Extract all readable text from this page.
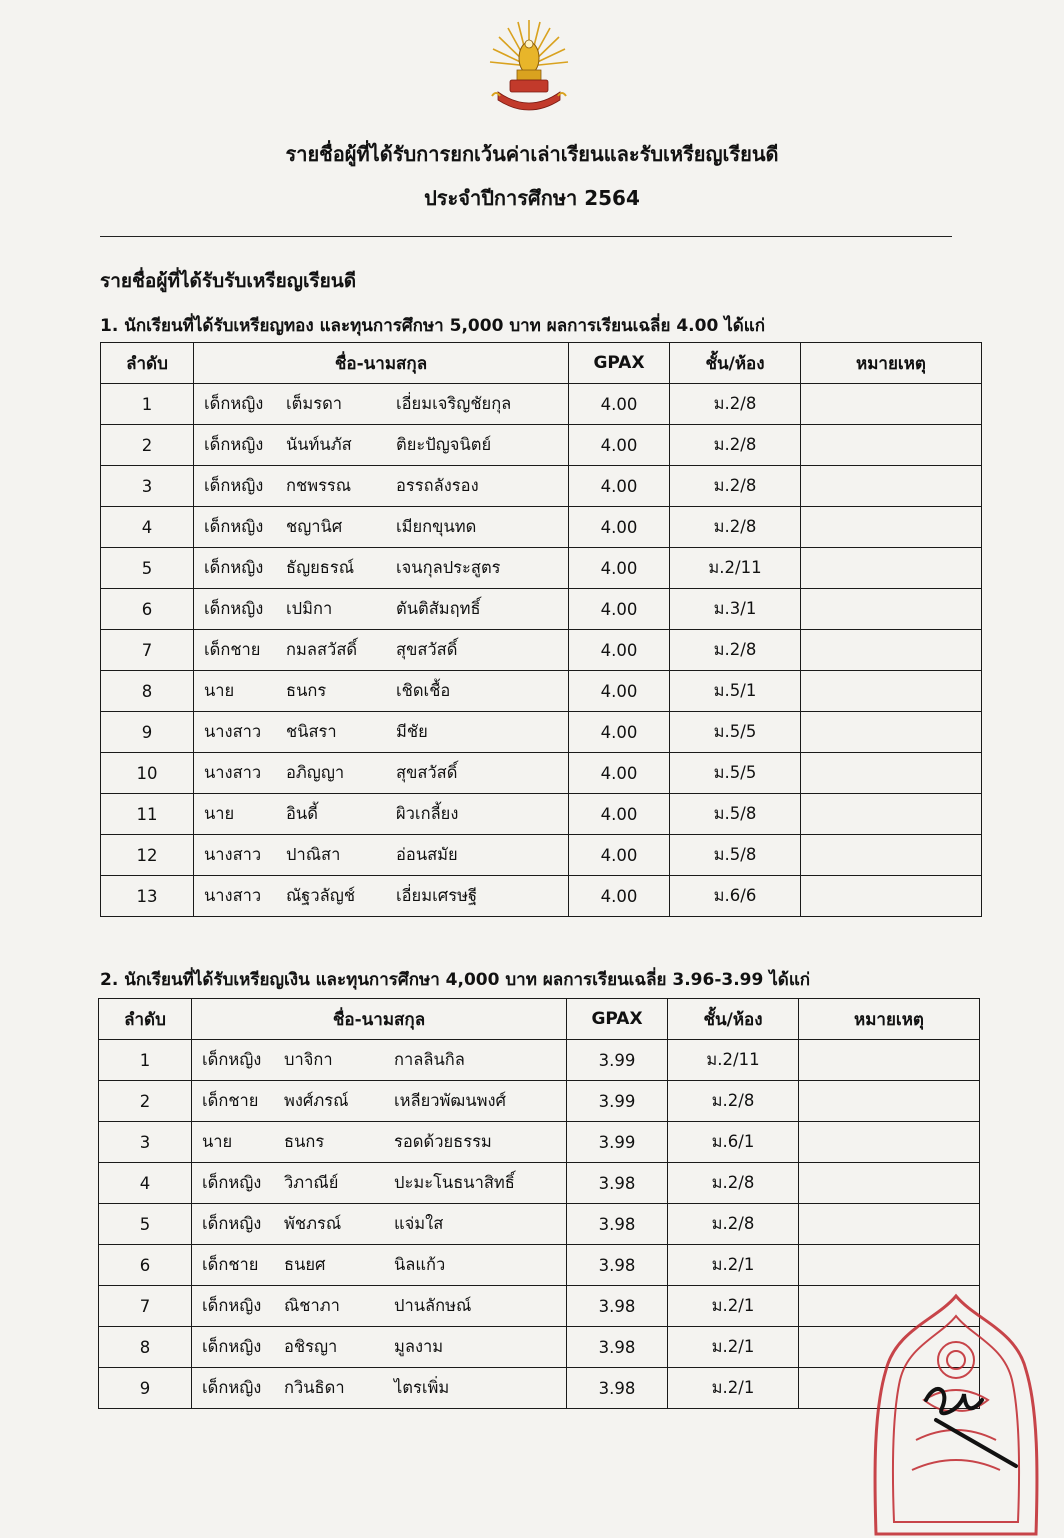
รายชื่อผู้ที่ได้รับการยกเว้นค่าเล่าเรียนและรับเหรียญเรียนดี
ประจำปีการศึกษา 2564
รายชื่อผู้ที่ได้รับรับเหรียญเรียนดี
1. นักเรียนที่ได้รับเหรียญทอง และทุนการศึกษา 5,000 บาท ผลการเรียนเฉลี่ย 4.00 ได้แก่
ลำดับ	ชื่อ-นามสกุล	GPAX	ชั้น/ห้อง	หมายเหตุ
1	เด็กหญิง เต็มรดา เอี่ยมเจริญชัยกุล	4.00	ม.2/8	
2	เด็กหญิง นันท์นภัส ติยะปัญจนิตย์	4.00	ม.2/8	
3	เด็กหญิง กชพรรณ อรรถลังรอง	4.00	ม.2/8	
4	เด็กหญิง ชญานิศ เมียกขุนทด	4.00	ม.2/8	
5	เด็กหญิง ธัญยธรณ์ เจนกุลประสูตร	4.00	ม.2/11	
6	เด็กหญิง เปมิกา ตันติสัมฤทธิ์	4.00	ม.3/1	
7	เด็กชาย กมลสวัสดิ์ สุขสวัสดิ์	4.00	ม.2/8	
8	นาย ธนกร เชิดเชื้อ	4.00	ม.5/1	
9	นางสาว ชนิสรา มีชัย	4.00	ม.5/5	
10	นางสาว อภิญญา สุขสวัสดิ์	4.00	ม.5/5	
11	นาย อินดี้ ผิวเกลี้ยง	4.00	ม.5/8	
12	นางสาว ปาณิสา อ่อนสมัย	4.00	ม.5/8	
13	นางสาว ณัฐวลัญช์ เอี่ยมเศรษฐี	4.00	ม.6/6	
2. นักเรียนที่ได้รับเหรียญเงิน และทุนการศึกษา 4,000 บาท ผลการเรียนเฉลี่ย 3.96-3.99 ได้แก่
ลำดับ	ชื่อ-นามสกุล	GPAX	ชั้น/ห้อง	หมายเหตุ
1	เด็กหญิง บาจิกา กาลลินกิล	3.99	ม.2/11	
2	เด็กชาย พงศ์ภรณ์ เหลียวพัฒนพงศ์	3.99	ม.2/8	
3	นาย ธนกร รอดด้วยธรรม	3.99	ม.6/1	
4	เด็กหญิง วิภาณีย์ ปะมะโนธนาสิทธิ์	3.98	ม.2/8	
5	เด็กหญิง พัชภรณ์ แจ่มใส	3.98	ม.2/8	
6	เด็กชาย ธนยศ นิลแก้ว	3.98	ม.2/1	
7	เด็กหญิง ณิชาภา ปานลักษณ์	3.98	ม.2/1	
8	เด็กหญิง อชิรญา มูลงาม	3.98	ม.2/1	
9	เด็กหญิง กวินธิดา ไตรเพิ่ม	3.98	ม.2/1	
